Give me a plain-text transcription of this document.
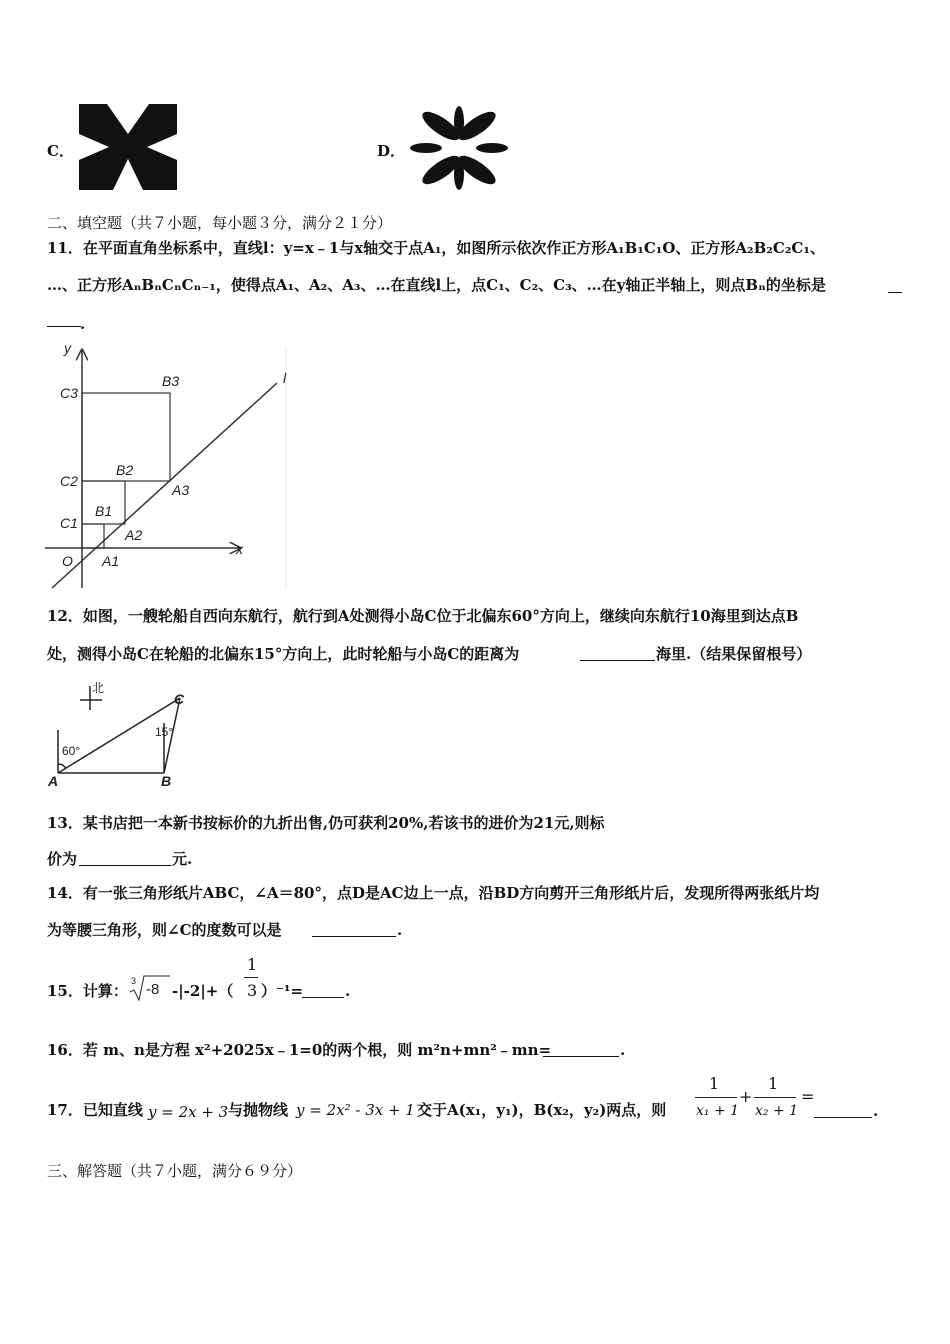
C．	D．
二、填空题（共７小题，每小题３分，满分２１分）
11．在平面直角坐标系中，直线l：y=x﹣1与x轴交于点A₁，如图所示依次作正方形A₁B₁C₁O、正方形A₂B₂C₂C₁、
…、正方形AₙBₙCₙCₙ₋₁，使得点A₁、A₂、A₃、…在直线l上，点C₁、C₂、C₃、…在y轴正半轴上，则点Bₙ的坐标是
.
y
x
l
O
C3
C2
C1
B3
B2
B1
A3
A2
A1
12．如图，一艘轮船自西向东航行，航行到A处测得小岛C位于北偏东60°方向上，继续向东航行10海里到达点B
处，测得小岛C在轮船的北偏东15°方向上，此时轮船与小岛C的距离为	海里.（结果保留根号）
北
60°
15°
A	B
C
13．某书店把一本新书按标价的九折出售,仍可获利20%,若该书的进价为21元,则标
价为	元.
14．有一张三角形纸片ABC，∠A＝80°，点D是AC边上一点，沿BD方向剪开三角形纸片后，发现所得两张纸片均
为等腰三角形，则∠C的度数可以是	.
15．计算：
3 -8 -|-2|+（
1
3 ）⁻¹=	.
16．若 m、n是方程 x²+2025x﹣1=0的两个根，则 m²n+mn²﹣mn=	.
17．已知直线 y = 2x + 3 与抛物线 y = 2x² - 3x + 1 交于A(x₁，y₁)，B(x₂，y₂)两点，则
1
x₁ + 1
+
1
x₂ + 1
=
.
三、解答题（共７小题，满分６９分）
